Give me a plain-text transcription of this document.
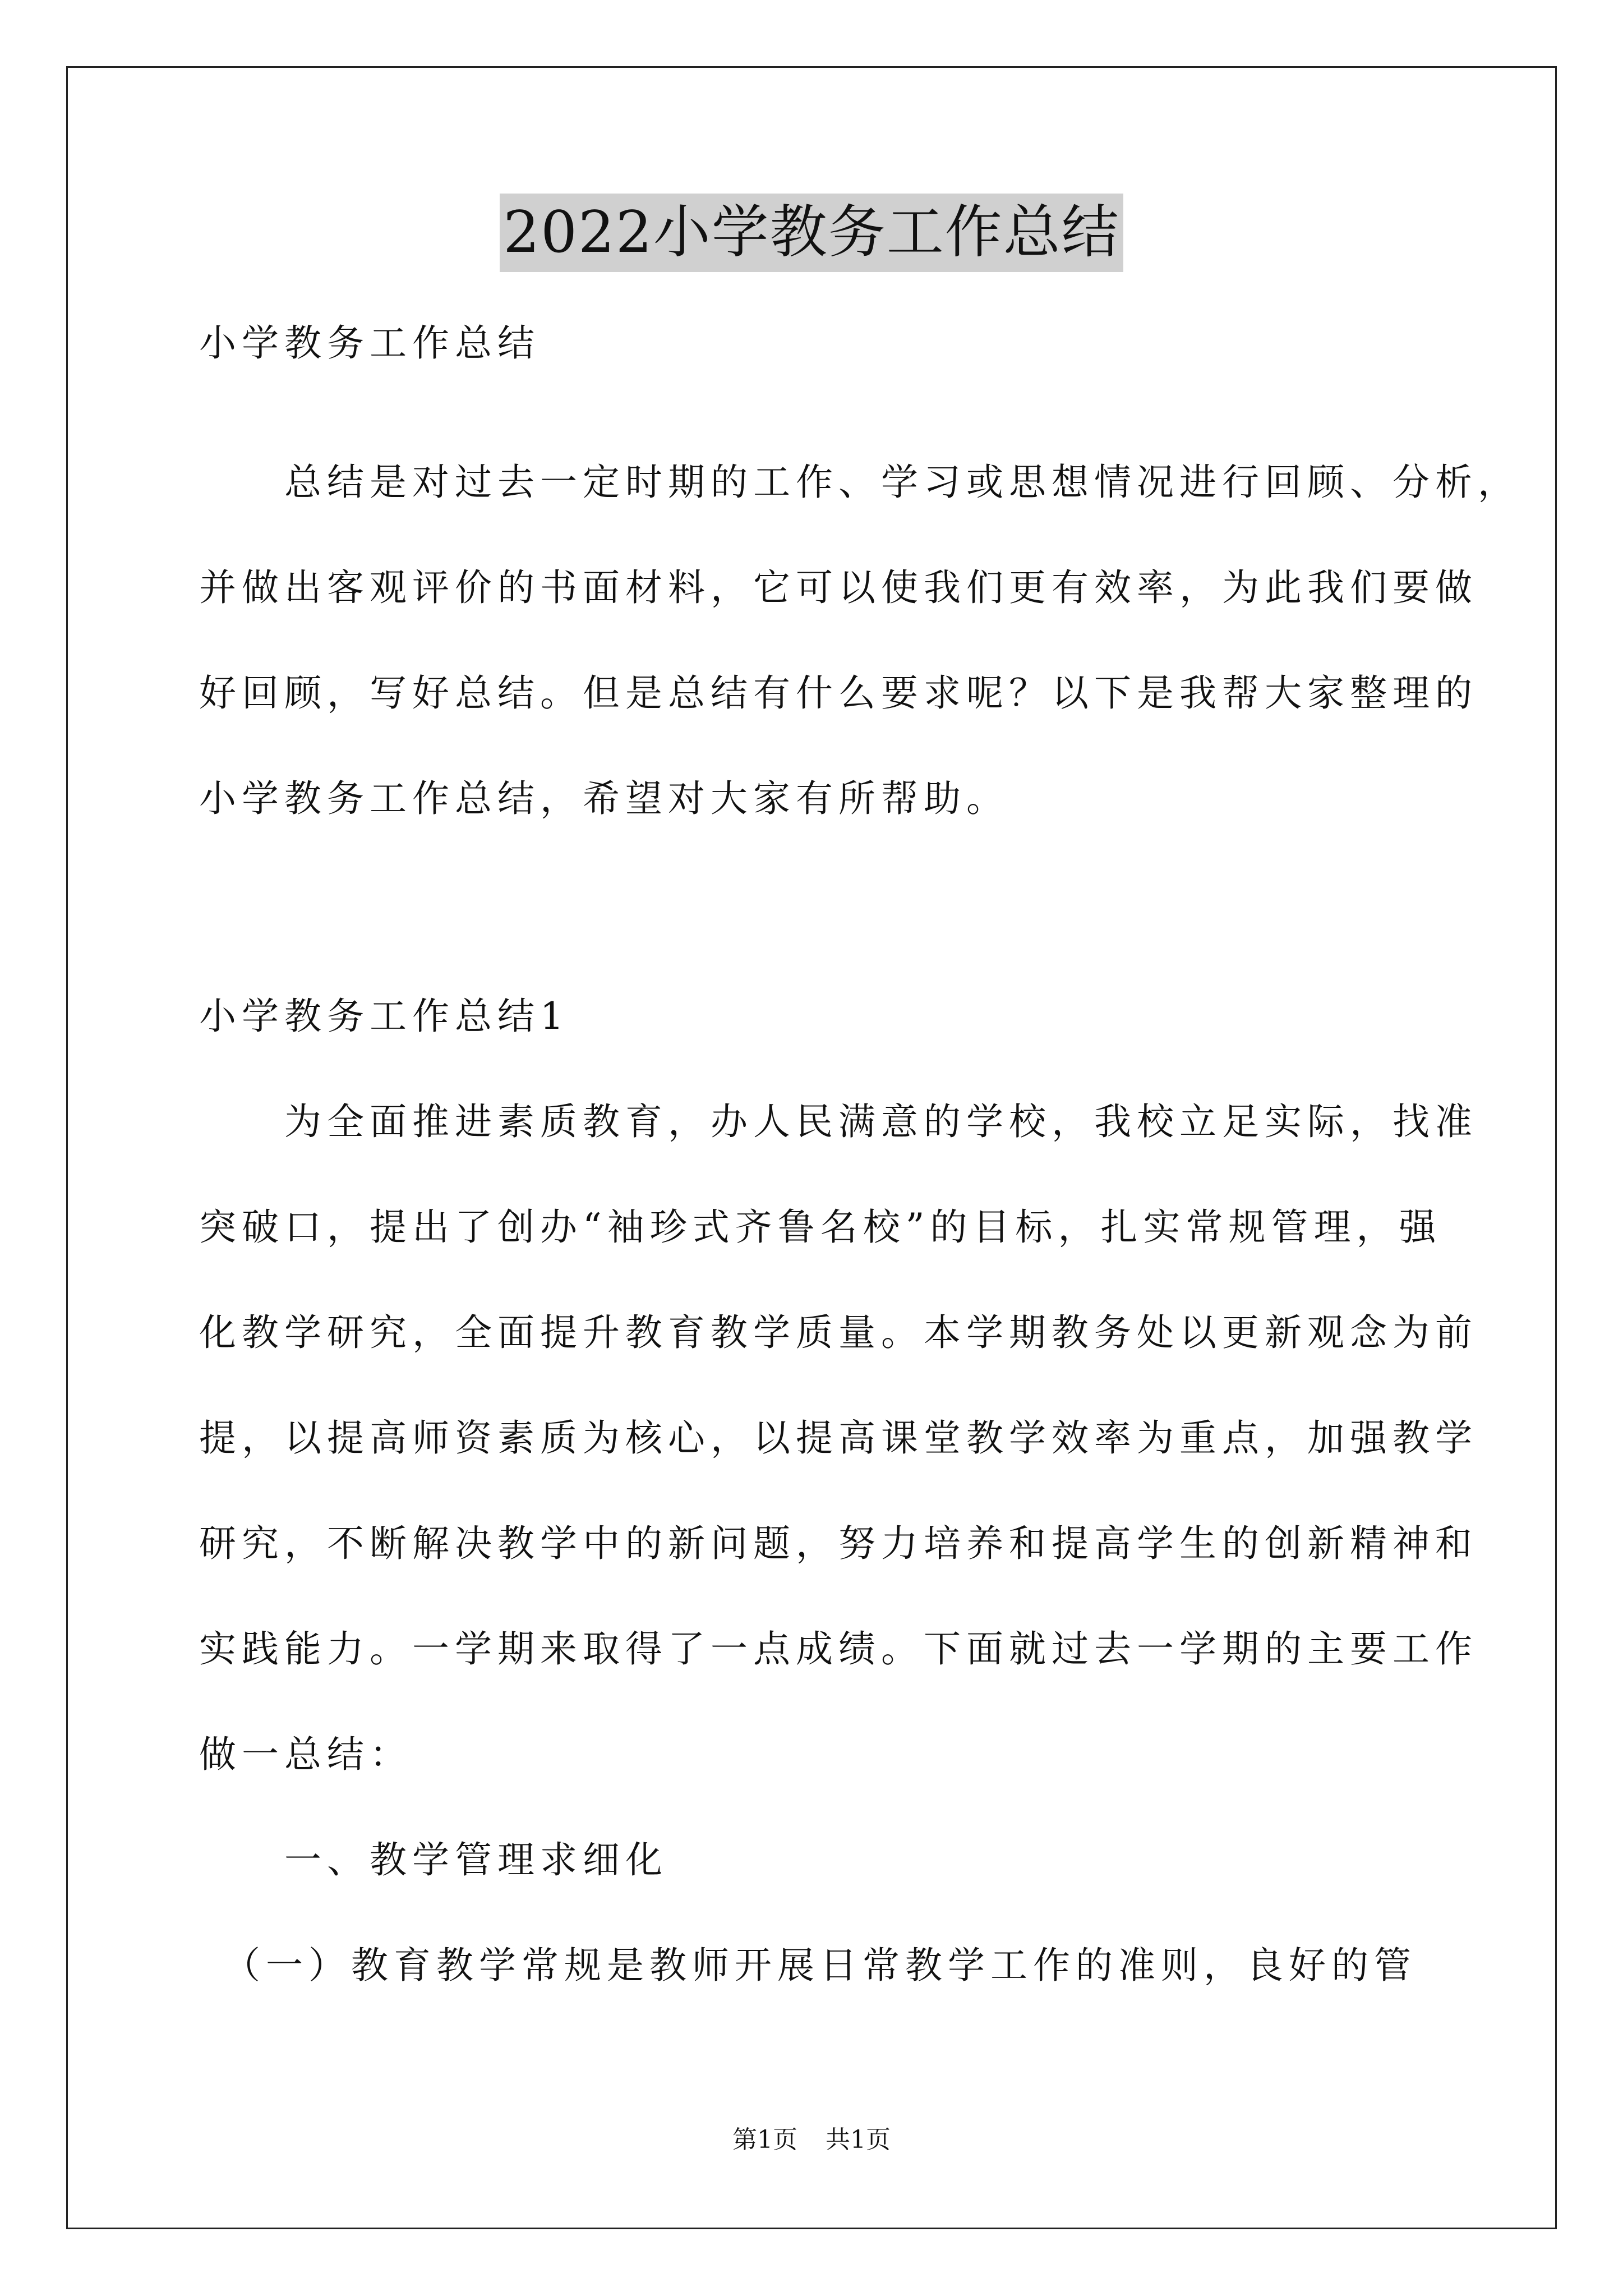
2022小学教务工作总结
小学教务工作总结
　　总结是对过去一定时期的工作、学习或思想情况进行回顾、分析，
并做出客观评价的书面材料，它可以使我们更有效率，为此我们要做
好回顾，写好总结。但是总结有什么要求呢？以下是我帮大家整理的
小学教务工作总结，希望对大家有所帮助。
小学教务工作总结1
　　为全面推进素质教育，办人民满意的学校，我校立足实际，找准
突破口，提出了创办“袖珍式齐鲁名校”的目标，扎实常规管理，强
化教学研究，全面提升教育教学质量。本学期教务处以更新观念为前
提，以提高师资素质为核心，以提高课堂教学效率为重点，加强教学
研究，不断解决教学中的新问题，努力培养和提高学生的创新精神和
实践能力。一学期来取得了一点成绩。下面就过去一学期的主要工作
做一总结：
　　一、教学管理求细化
　（一）教育教学常规是教师开展日常教学工作的准则，良好的管
第1页 共1页
